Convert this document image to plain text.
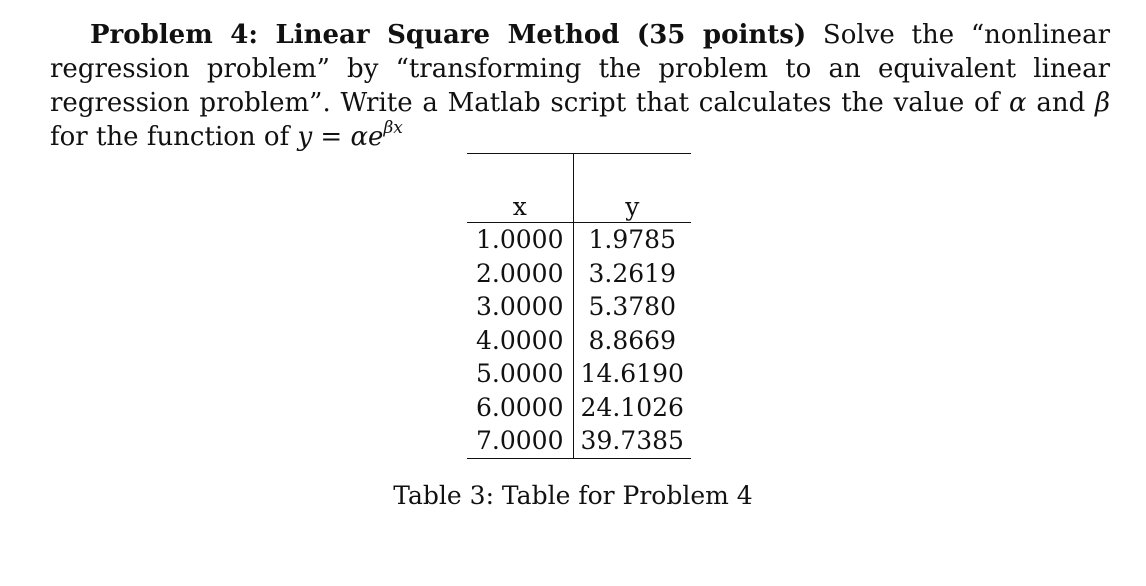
Problem 4: Linear Square Method (35 points) Solve the “nonlinear regression problem” by “transforming the problem to an equivalent linear regression problem”. Write a Matlab script that calculates the value of α and β for the function of $y = \alpha e^{\beta x}$

x	y
1.0000	1.9785
2.0000	3.2619
3.0000	5.3780
4.0000	8.8669
5.0000	14.6190
6.0000	24.1026
7.0000	39.7385

Table 3: Table for Problem 4
